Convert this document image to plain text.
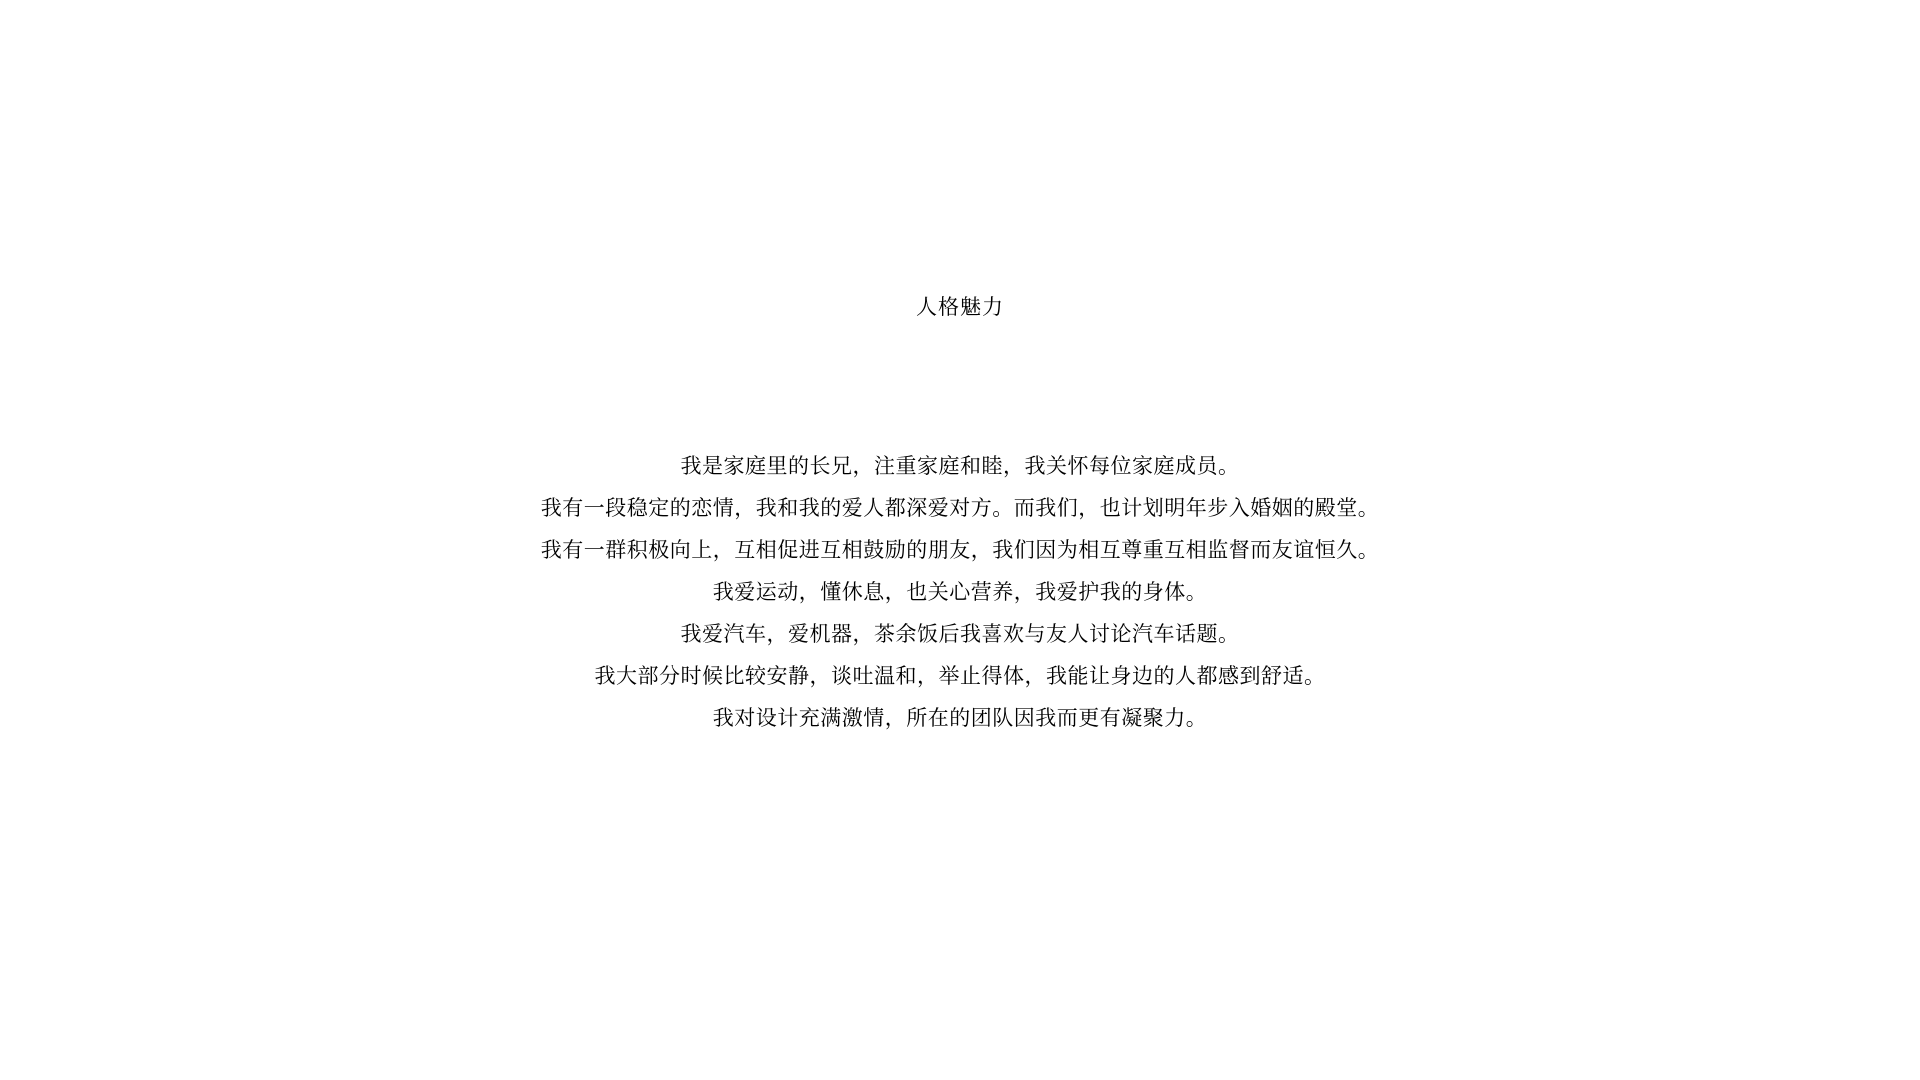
人格魅力
我是家庭里的长兄，注重家庭和睦，我关怀每位家庭成员。
我有一段稳定的恋情，我和我的爱人都深爱对方。而我们，也计划明年步入婚姻的殿堂。
我有一群积极向上，互相促进互相鼓励的朋友，我们因为相互尊重互相监督而友谊恒久。
我爱运动，懂休息，也关心营养，我爱护我的身体。
我爱汽车，爱机器，茶余饭后我喜欢与友人讨论汽车话题。
我大部分时候比较安静，谈吐温和，举止得体，我能让身边的人都感到舒适。
我对设计充满激情，所在的团队因我而更有凝聚力。
